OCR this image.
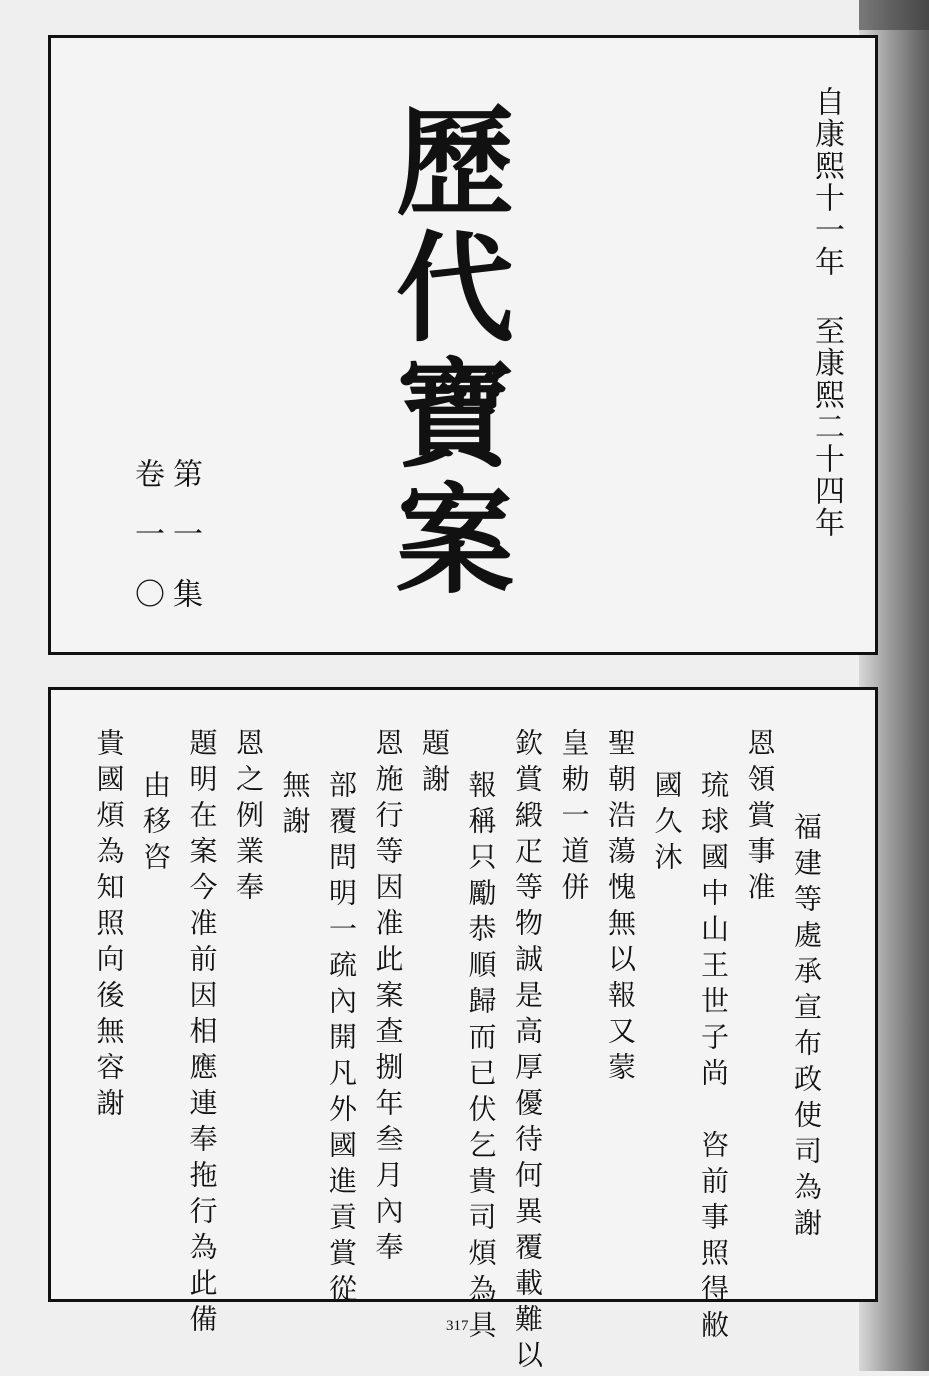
歷代寶案	自康熙十一年 至康熙二十四年
第一集
卷一〇
福建等處承宣布政使司為謝
恩領賞事准
琉球國中山王世子尚　咨前事照得敝
國久沐
聖朝浩蕩愧無以報又蒙
皇勅一道併
欽賞緞疋等物誠是高厚優待何異覆載難以
報稱只勵恭順歸而已伏乞貴司煩為具
題謝
恩施行等因准此案查捌年叁月內奉
部覆問明一疏內開凡外國進貢賞從
無謝
恩之例業奉
題明在案今准前因相應連奉拖行為此備
由移咨
貴國煩為知照向後無容謝
317
